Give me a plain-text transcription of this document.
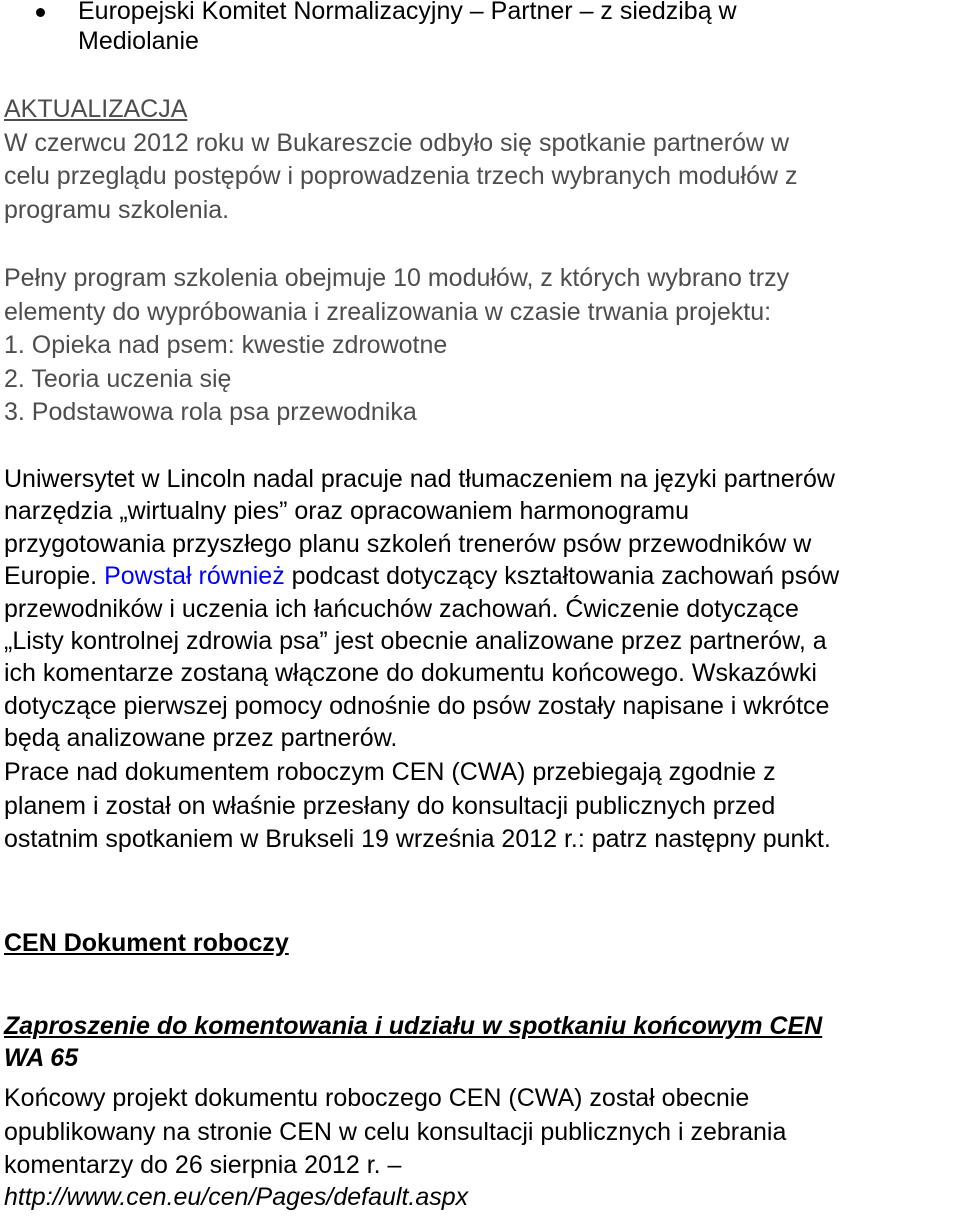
Europejski Komitet Normalizacyjny ‒ Partner ‒ z siedzibą w
Mediolanie
AKTUALIZACJA
W czerwcu 2012 roku w Bukareszcie odbyło się spotkanie partnerów w
celu przeglądu postępów i poprowadzenia trzech wybranych modułów z
programu szkolenia.
Pełny program szkolenia obejmuje 10 modułów, z których wybrano trzy
elementy do wypróbowania i zrealizowania w czasie trwania projektu:
1. Opieka nad psem: kwestie zdrowotne
2. Teoria uczenia się
3. Podstawowa rola psa przewodnika
Uniwersytet w Lincoln nadal pracuje nad tłumaczeniem na języki partnerów
narzędzia „wirtualny pies” oraz opracowaniem harmonogramu
przygotowania przyszłego planu szkoleń trenerów psów przewodników w
Europie. Powstał również podcast dotyczący kształtowania zachowań psów
przewodników i uczenia ich łańcuchów zachowań. Ćwiczenie dotyczące
„Listy kontrolnej zdrowia psa” jest obecnie analizowane przez partnerów, a
ich komentarze zostaną włączone do dokumentu końcowego. Wskazówki
dotyczące pierwszej pomocy odnośnie do psów zostały napisane i wkrótce
będą analizowane przez partnerów.
Prace nad dokumentem roboczym CEN (CWA) przebiegają zgodnie z
planem i został on właśnie przesłany do konsultacji publicznych przed
ostatnim spotkaniem w Brukseli 19 września 2012 r.: patrz następny punkt.
CEN Dokument roboczy
Zaproszenie do komentowania i udziału w spotkaniu końcowym CEN
WA 65
Końcowy projekt dokumentu roboczego CEN (CWA) został obecnie
opublikowany na stronie CEN w celu konsultacji publicznych i zebrania
komentarzy do 26 sierpnia 2012 r. ‒
http://www.cen.eu/cen/Pages/default.aspx
